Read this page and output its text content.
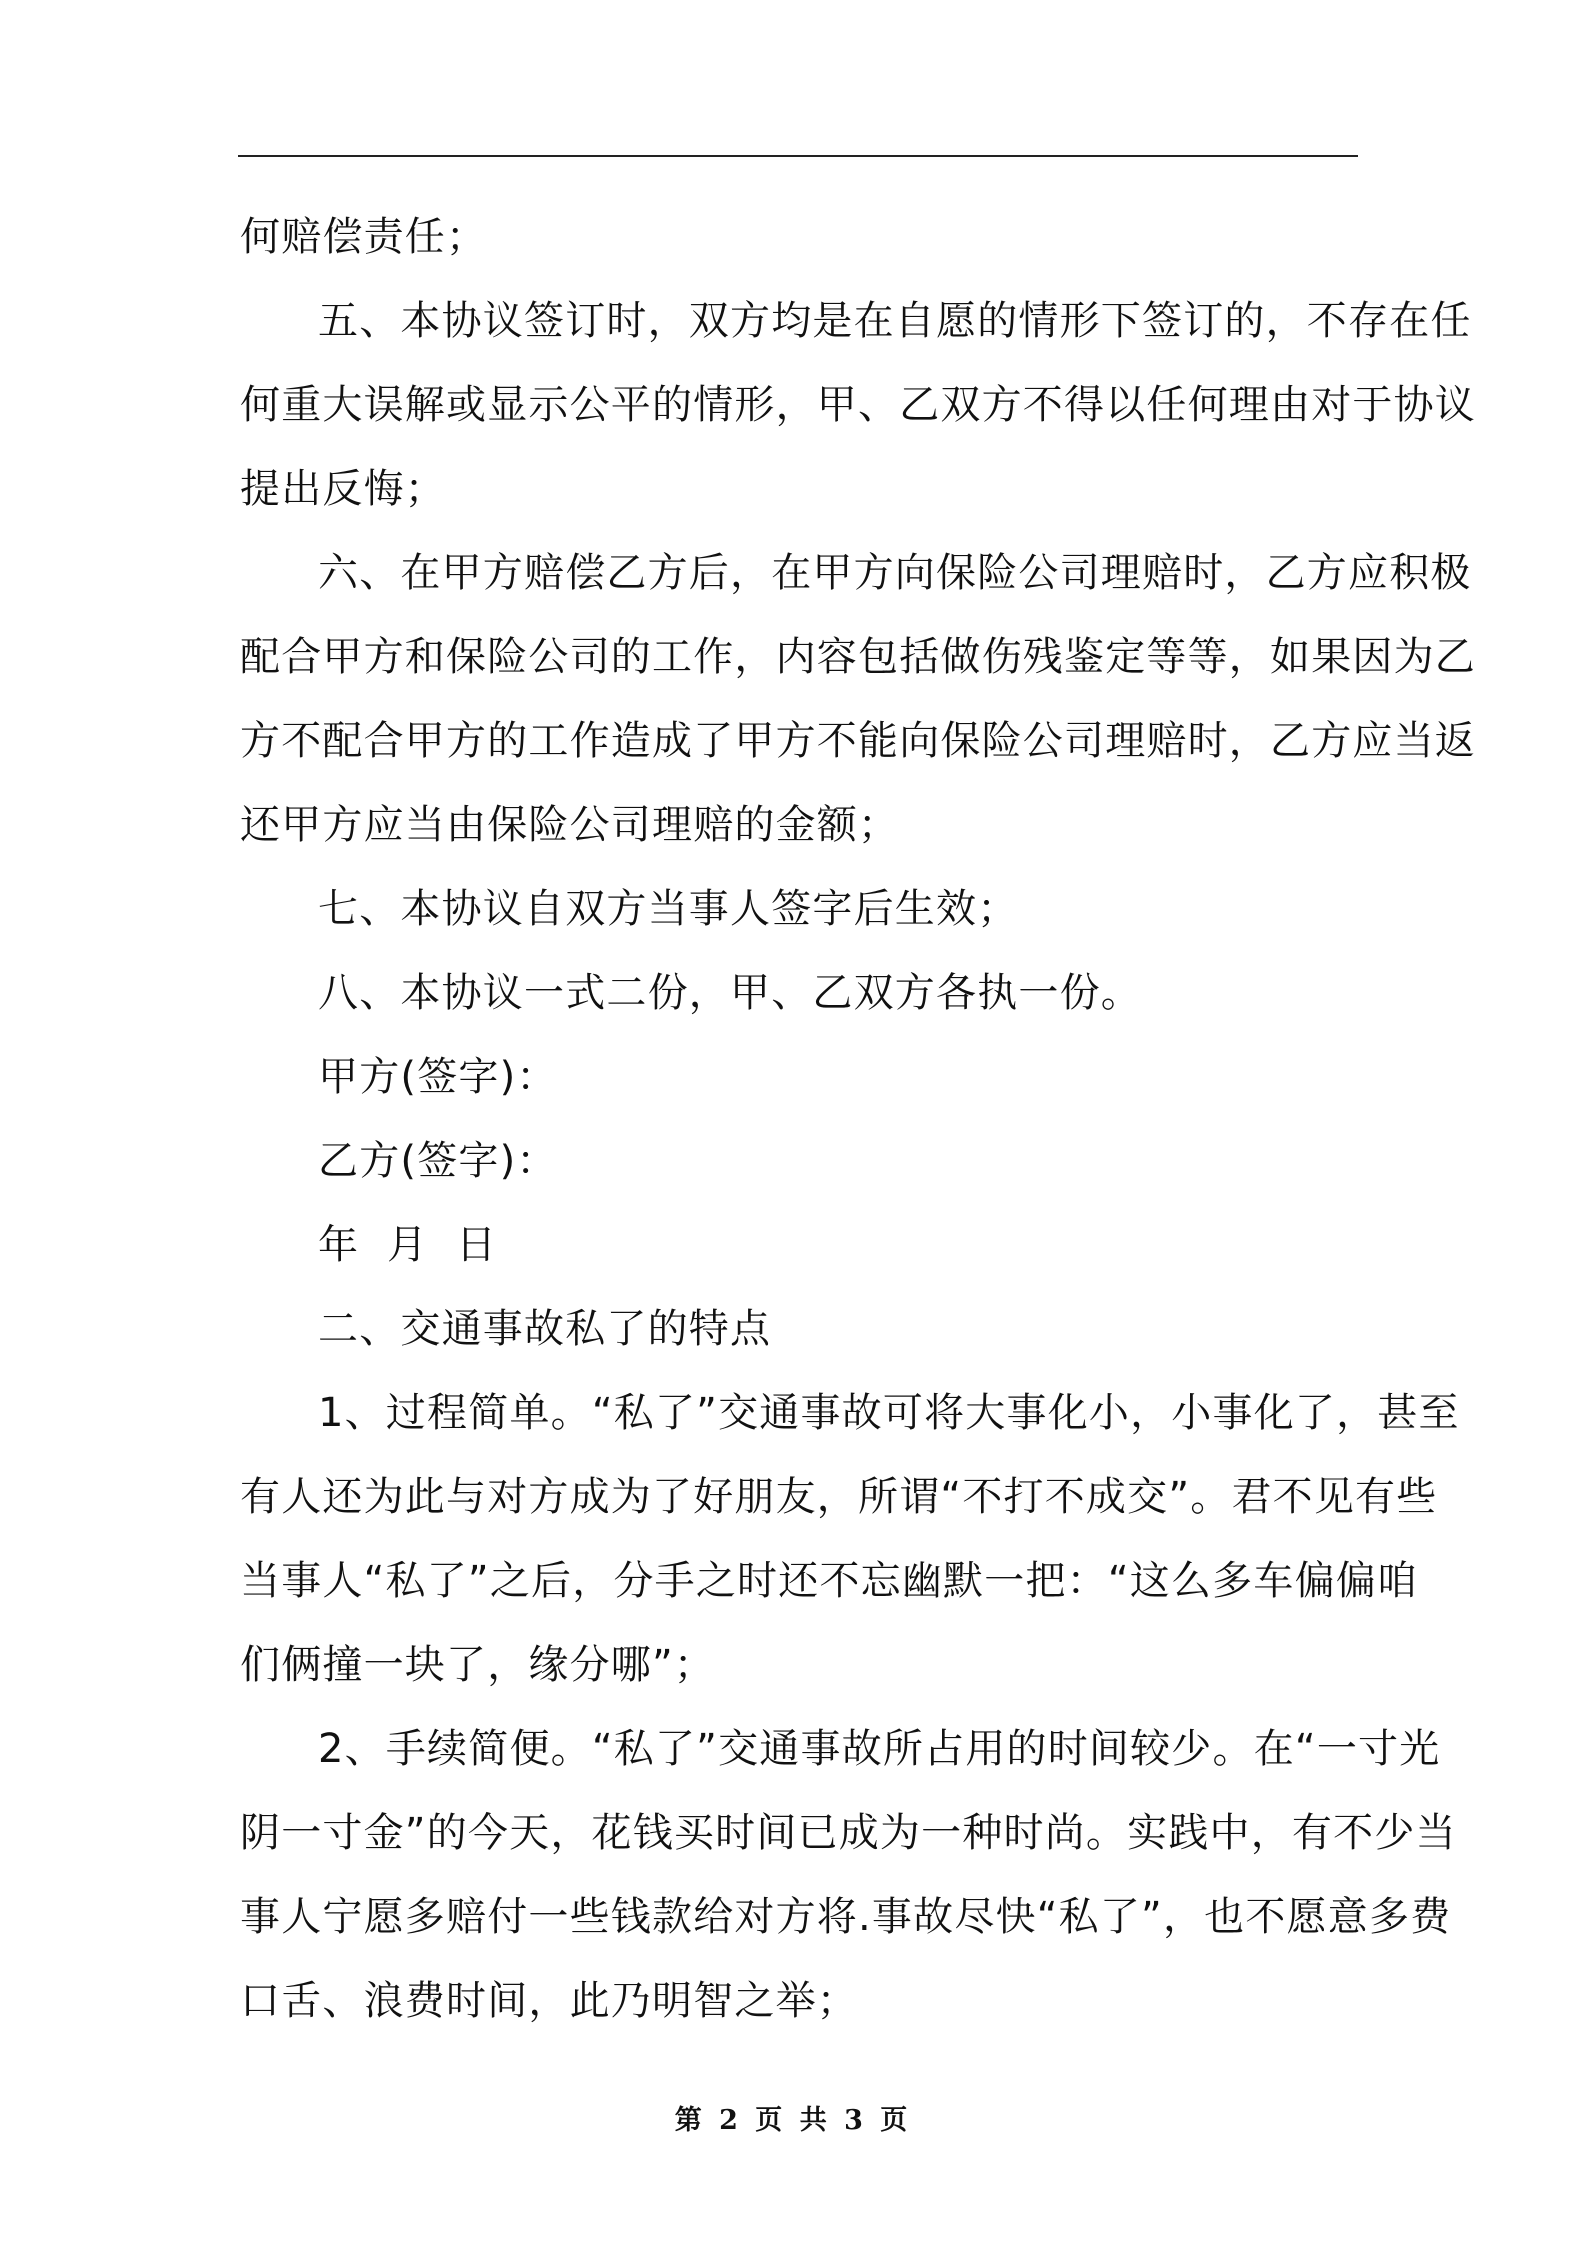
何赔偿责任；
五、本协议签订时，双方均是在自愿的情形下签订的，不存在任
何重大误解或显示公平的情形，甲、乙双方不得以任何理由对于协议
提出反悔；
六、在甲方赔偿乙方后，在甲方向保险公司理赔时，乙方应积极
配合甲方和保险公司的工作，内容包括做伤残鉴定等等，如果因为乙
方不配合甲方的工作造成了甲方不能向保险公司理赔时，乙方应当返
还甲方应当由保险公司理赔的金额；
七、本协议自双方当事人签字后生效；
八、本协议一式二份，甲、乙双方各执一份。
甲方(签字)：
乙方(签字)：
年  月  日
二、交通事故私了的特点
1、过程简单。“私了”交通事故可将大事化小，小事化了，甚至
有人还为此与对方成为了好朋友，所谓“不打不成交”。君不见有些
当事人“私了”之后，分手之时还不忘幽默一把：“这么多车偏偏咱
们俩撞一块了，缘分哪”；
2、手续简便。“私了”交通事故所占用的时间较少。在“一寸光
阴一寸金”的今天，花钱买时间已成为一种时尚。实践中，有不少当
事人宁愿多赔付一些钱款给对方将.事故尽快“私了”，也不愿意多费
口舌、浪费时间，此乃明智之举；
第 2 页 共 3 页
